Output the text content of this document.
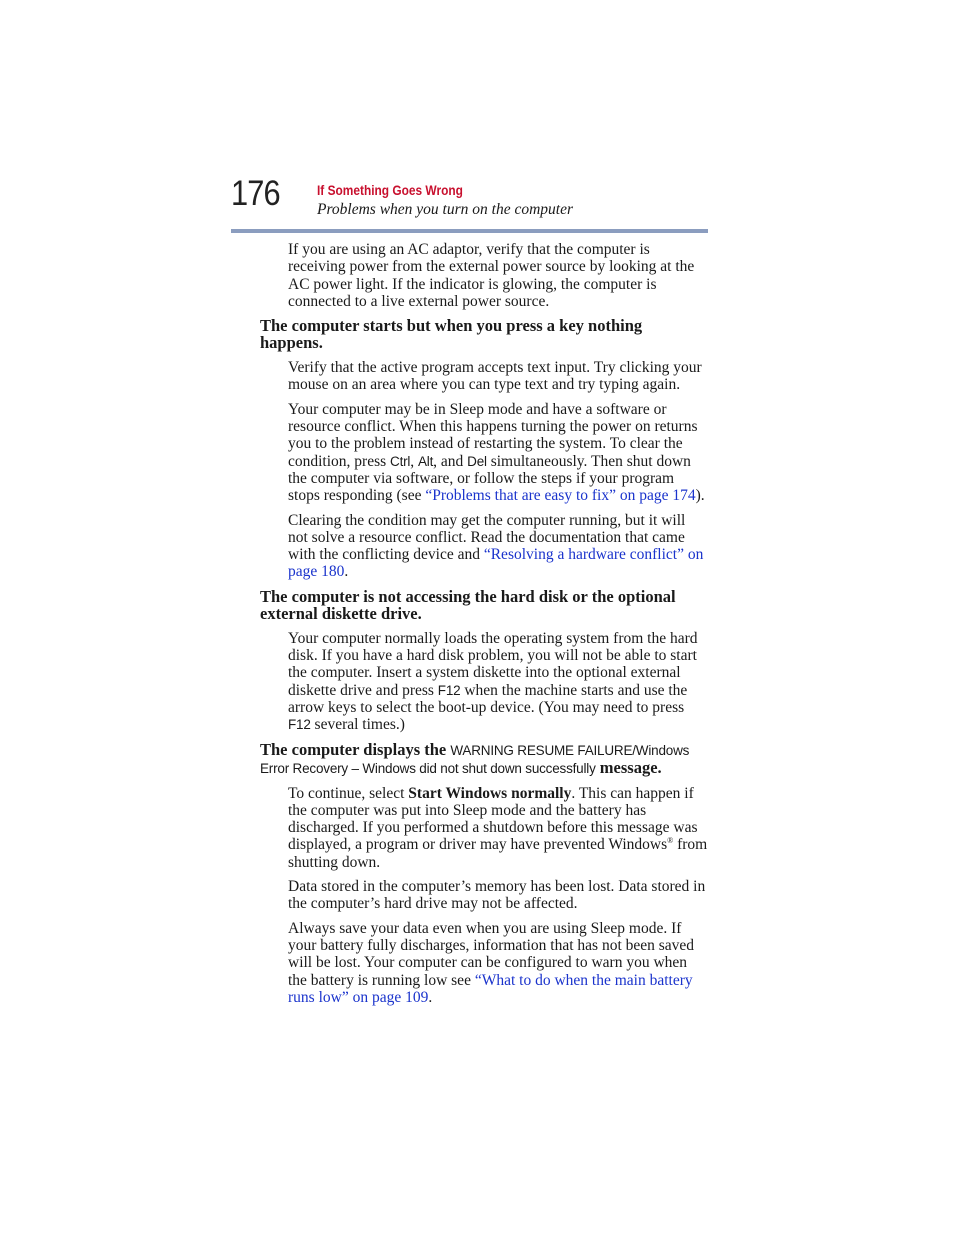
176	If Something Goes Wrong
Problems when you turn on the computer

If you are using an AC adaptor, verify that the computer is receiving power from the external power source by looking at the AC power light. If the indicator is glowing, the computer is connected to a live external power source.

The computer starts but when you press a key nothing happens.

Verify that the active program accepts text input. Try clicking your mouse on an area where you can type text and try typing again.

Your computer may be in Sleep mode and have a software or resource conflict. When this happens turning the power on returns you to the problem instead of restarting the system. To clear the condition, press Ctrl, Alt, and Del simultaneously. Then shut down the computer via software, or follow the steps if your program stops responding (see “Problems that are easy to fix” on page 174).

Clearing the condition may get the computer running, but it will not solve a resource conflict. Read the documentation that came with the conflicting device and “Resolving a hardware conflict” on page 180.

The computer is not accessing the hard disk or the optional external diskette drive.

Your computer normally loads the operating system from the hard disk. If you have a hard disk problem, you will not be able to start the computer. Insert a system diskette into the optional external diskette drive and press F12 when the machine starts and use the arrow keys to select the boot-up device. (You may need to press F12 several times.)

The computer displays the WARNING RESUME FAILURE/Windows Error Recovery – Windows did not shut down successfully message.

To continue, select Start Windows normally. This can happen if the computer was put into Sleep mode and the battery has discharged. If you performed a shutdown before this message was displayed, a program or driver may have prevented Windows® from shutting down.

Data stored in the computer’s memory has been lost. Data stored in the computer’s hard drive may not be affected.

Always save your data even when you are using Sleep mode. If your battery fully discharges, information that has not been saved will be lost. Your computer can be configured to warn you when the battery is running low see “What to do when the main battery runs low” on page 109.
